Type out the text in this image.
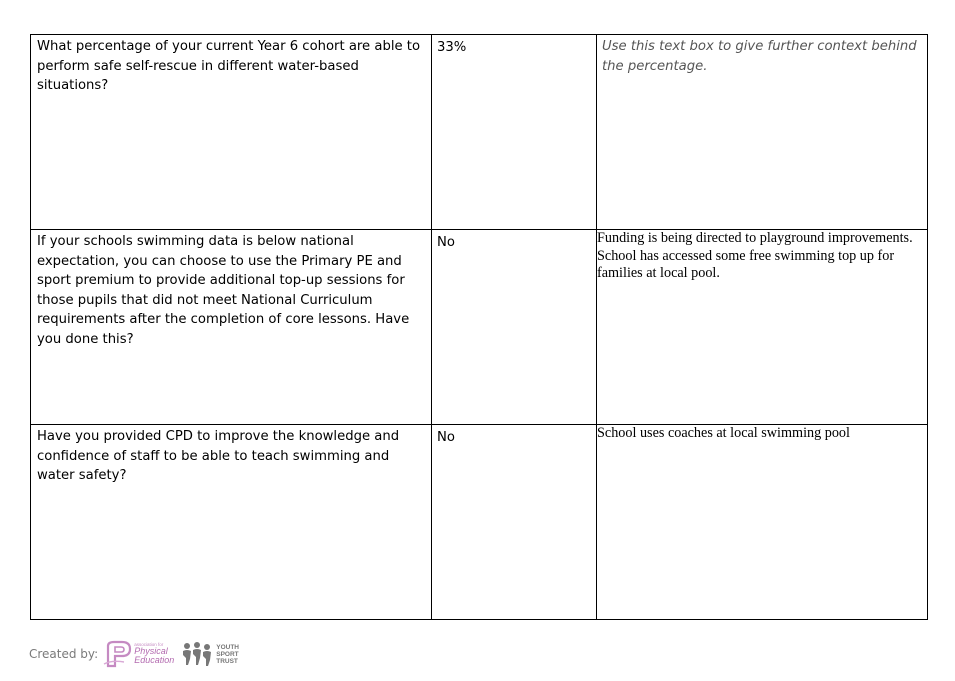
What percentage of your current Year 6 cohort are able to perform safe self-rescue in different water-based situations?	33%	Use this text box to give further context behind the percentage.

If your schools swimming data is below national expectation, you can choose to use the Primary PE and sport premium to provide additional top-up sessions for those pupils that did not meet National Curriculum requirements after the completion of core lessons. Have you done this?	No	Funding is being directed to playground improvements.
School has accessed some free swimming top up for families at local pool.

Have you provided CPD to improve the knowledge and confidence of staff to be able to teach swimming and water safety?	No	School uses coaches at local swimming pool
Created by:
association for
Physical
Education
YOUTH
SPORT
TRUST
